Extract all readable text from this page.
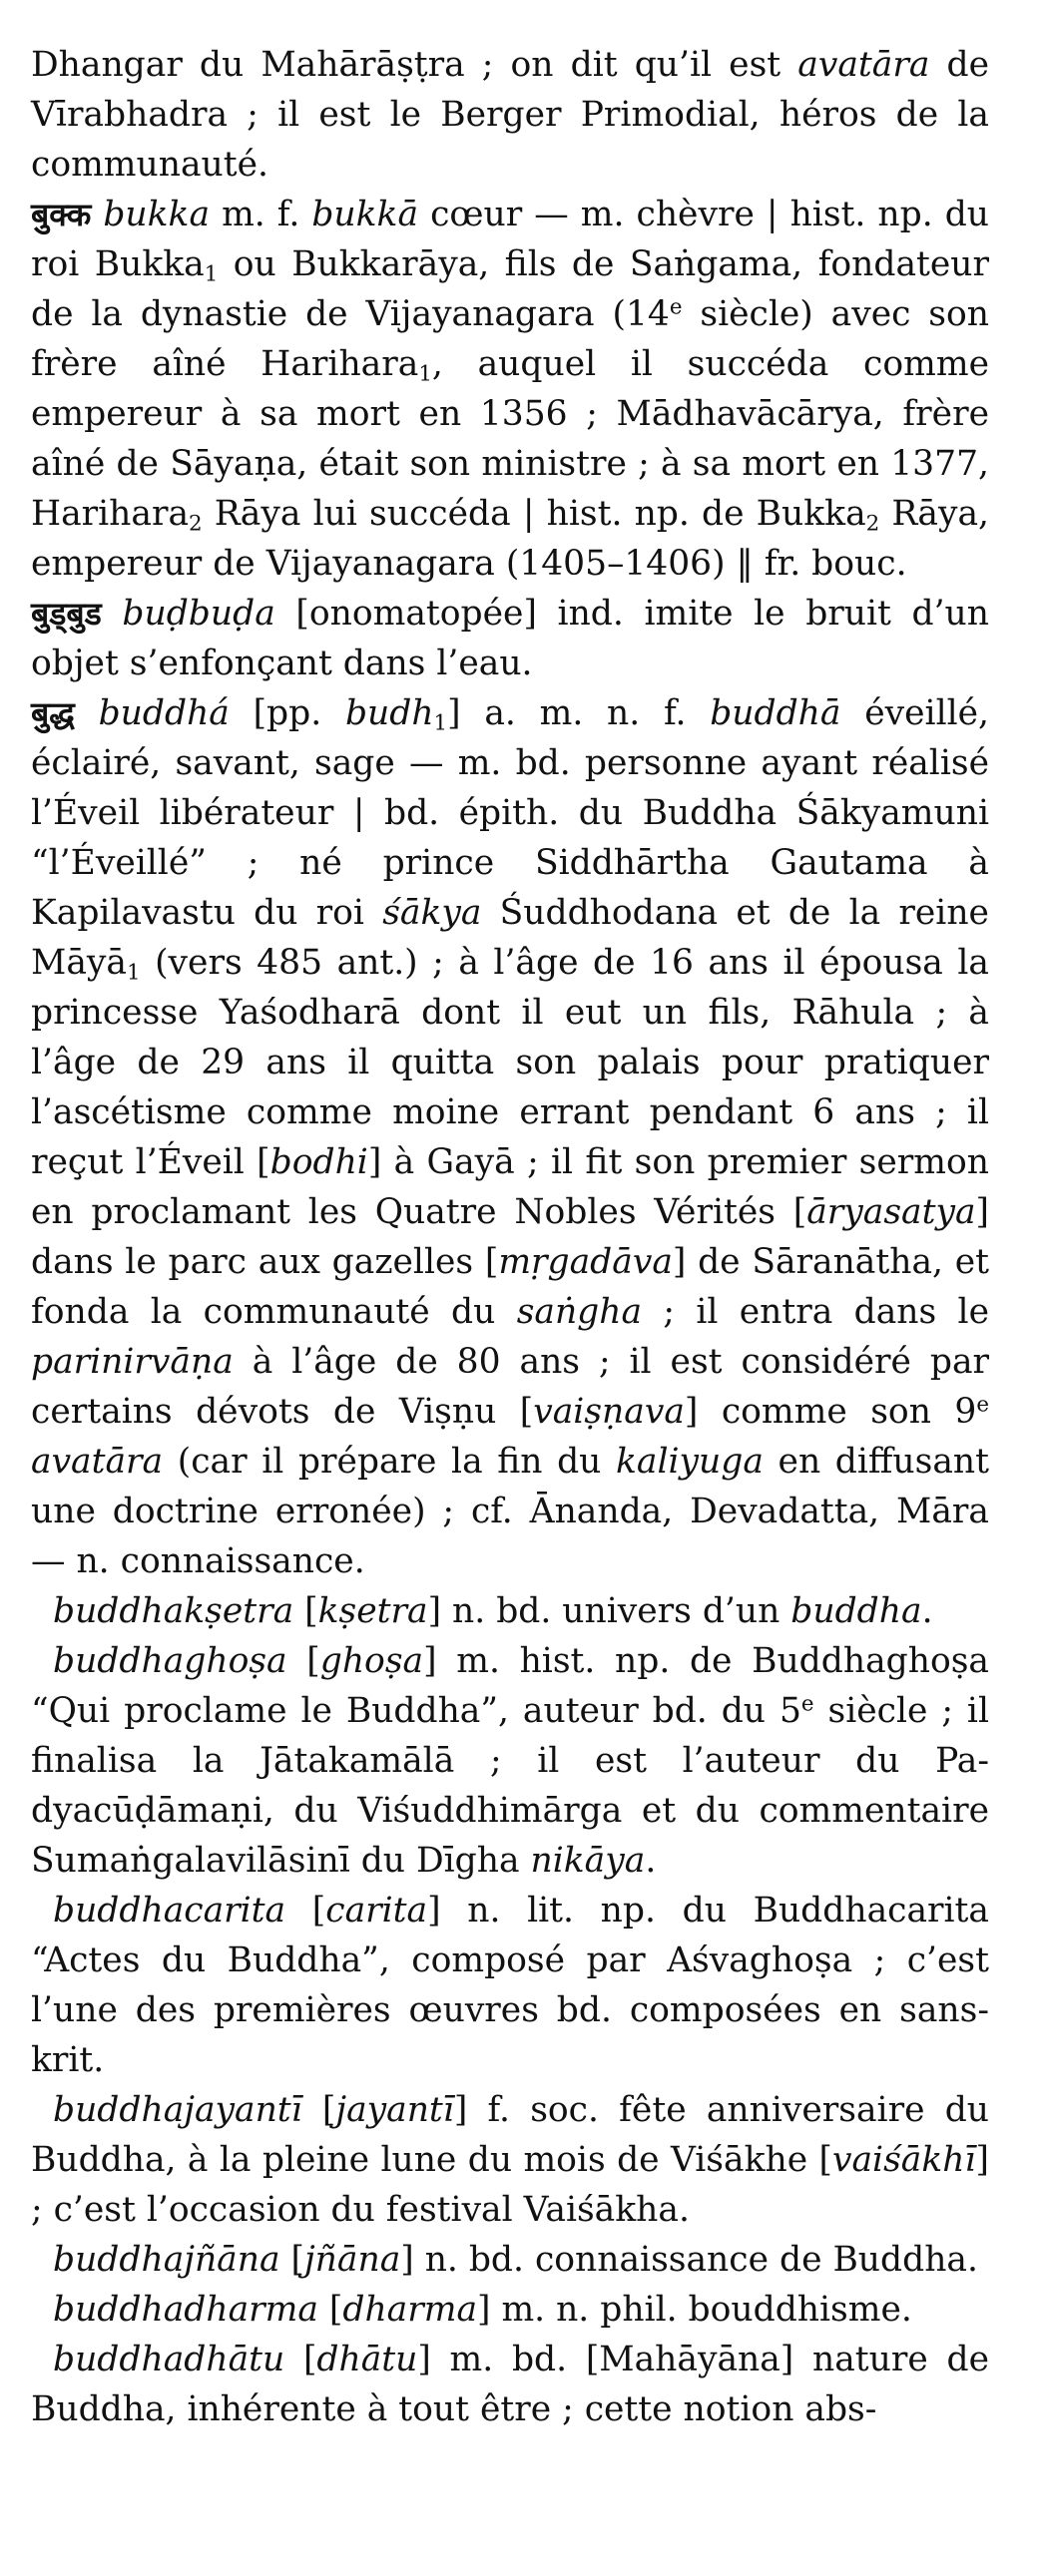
Dhangar du Mahārāṣṭra ; on dit qu’il est avatāra de Vīrabhadra ; il est le Berger Primodial, héros de la communauté.

बुक्क bukka m. f. bukkā cœur — m. chèvre | hist. np. du roi Bukka$_1$ ou Bukkarāya, fils de Saṅgama, fondateur de la dynastie de Vijayanagara (14e siècle) avec son frère aîné Harihara$_1$, auquel il succéda comme empereur à sa mort en 1356 ; Mādhavācārya, frère aîné de Sāyaṇa, était son ministre ; à sa mort en 1377, Harihara$_2$ Rāya lui succéda | hist. np. de Bukka$_2$ Rāya, empereur de Vijayanagara (1405–1406) ‖ fr. bouc.

बुड्बुड buḍbuḍa [onomatopée] ind. imite le bruit d’un objet s’enfonçant dans l’eau.

बुद्ध buddhá [pp. budh$_1$] a. m. n. f. buddhā éveillé, éclairé, savant, sage — m. bd. personne ayant réalisé l’Éveil libérateur | bd. épith. du Buddha Śākyamuni “l’Éveillé” ; né prince Siddhārtha Gautama à Kapilavastu du roi śākya Śuddhodana et de la reine Māyā$_1$ (vers 485 ant.) ; à l’âge de 16 ans il épousa la princesse Yaśodharā dont il eut un fils, Rāhula ; à l’âge de 29 ans il quitta son palais pour pratiquer l’ascétisme comme moine errant pendant 6 ans ; il reçut l’Éveil [bodhi] à Gayā ; il fit son premier sermon en proclamant les Quatre Nobles Vérités [āryasatya] dans le parc aux gazelles [mṛgadāva] de Sāranātha, et fonda la communauté du saṅgha ; il entra dans le parinirvāṇa à l’âge de 80 ans ; il est considéré par certains dévots de Viṣṇu [vaiṣṇava] comme son 9e avatāra (car il prépare la fin du kaliyuga en diffusant une doctrine erronée) ; cf. Ānanda, Devadatta, Māra — n. connaissance.

buddhakṣetra [kṣetra] n. bd. univers d’un buddha.

buddhaghoṣa [ghoṣa] m. hist. np. de Buddhaghoṣa “Qui proclame le Buddha”, auteur bd. du 5e siècle ; il finalisa la Jātakamālā ; il est l’auteur du Padyacūḍāmaṇi, du Viśuddhimārga et du commentaire Sumaṅgalavilāsinī du Dīgha nikāya.

buddhacarita [carita] n. lit. np. du Buddhacarita “Actes du Buddha”, composé par Aśvaghoṣa ; c’est l’une des premières œuvres bd. composées en sanskrit.

buddhajayantī [jayantī] f. soc. fête anniversaire du Buddha, à la pleine lune du mois de Viśākhe [vaiśākhī] ; c’est l’occasion du festival Vaiśākha.

buddhajñāna [jñāna] n. bd. connaissance de Buddha.

buddhadharma [dharma] m. n. phil. bouddhisme.

buddhadhātu [dhātu] m. bd. [Mahāyāna] nature de Buddha, inhérente à tout être ; cette notion abs-
